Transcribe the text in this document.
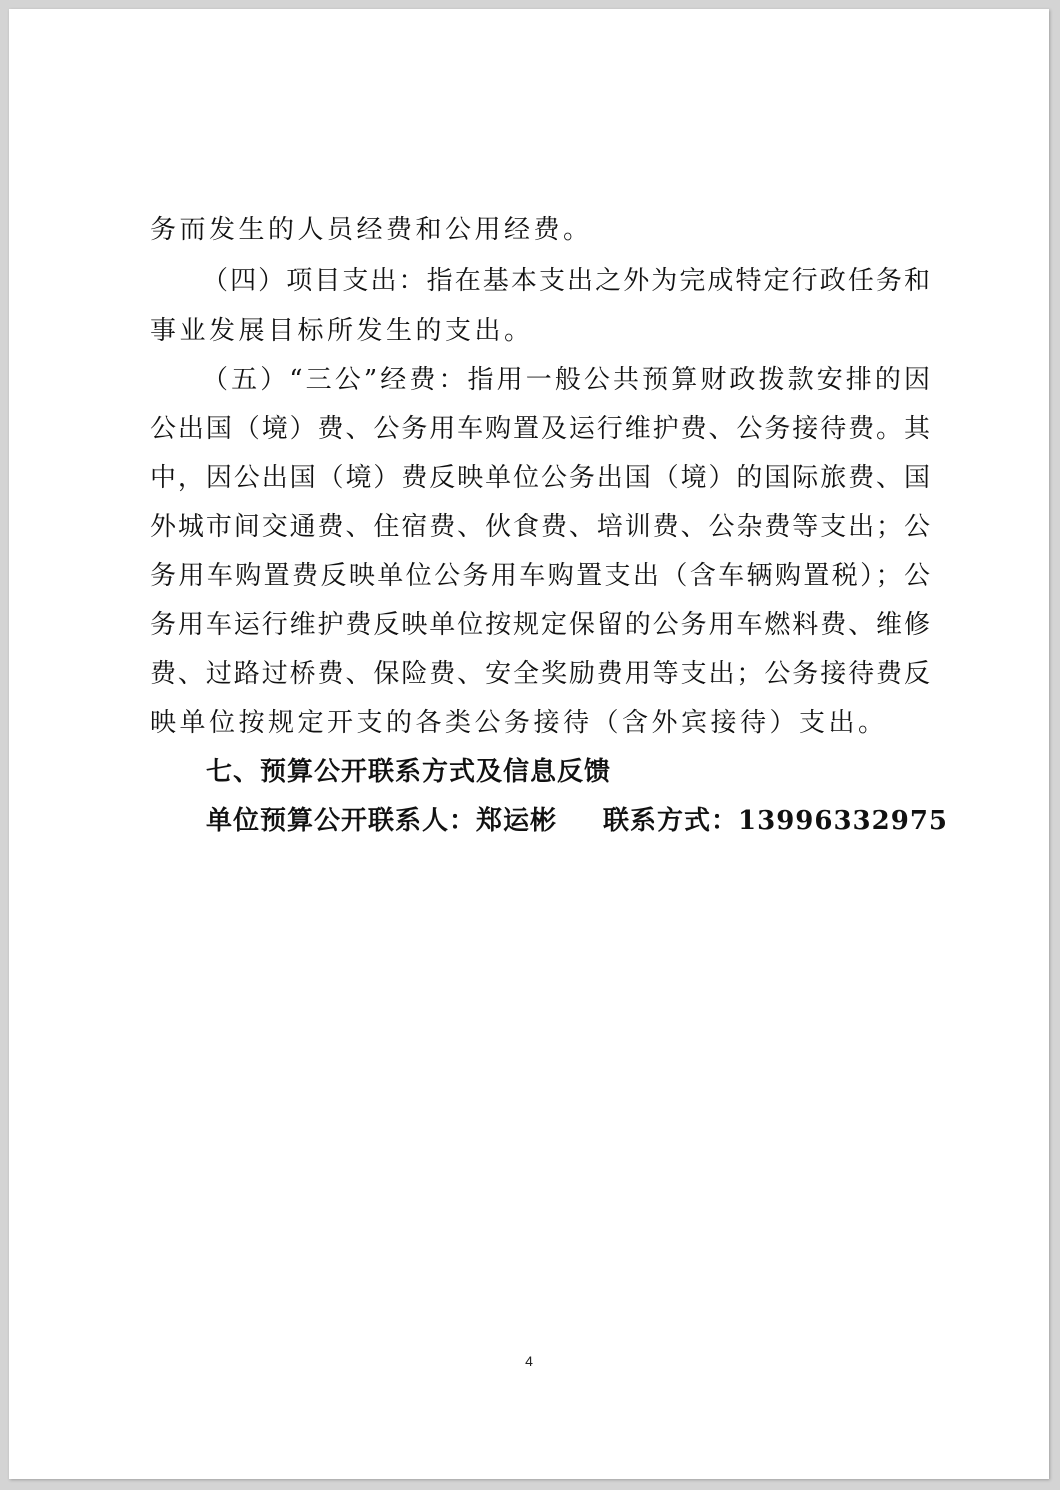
务而发生的人员经费和公用经费。
（四）项目支出：指在基本支出之外为完成特定行政任务和
事业发展目标所发生的支出。
（五）“三公”经费：指用一般公共预算财政拨款安排的因
公出国（境）费、公务用车购置及运行维护费、公务接待费。其
中，因公出国（境）费反映单位公务出国（境）的国际旅费、国
外城市间交通费、住宿费、伙食费、培训费、公杂费等支出；公
务用车购置费反映单位公务用车购置支出（含车辆购置税）；公
务用车运行维护费反映单位按规定保留的公务用车燃料费、维修
费、过路过桥费、保险费、安全奖励费用等支出；公务接待费反
映单位按规定开支的各类公务接待（含外宾接待）支出。
七、预算公开联系方式及信息反馈
单位预算公开联系人：郑运彬 联系方式：13996332975
4
